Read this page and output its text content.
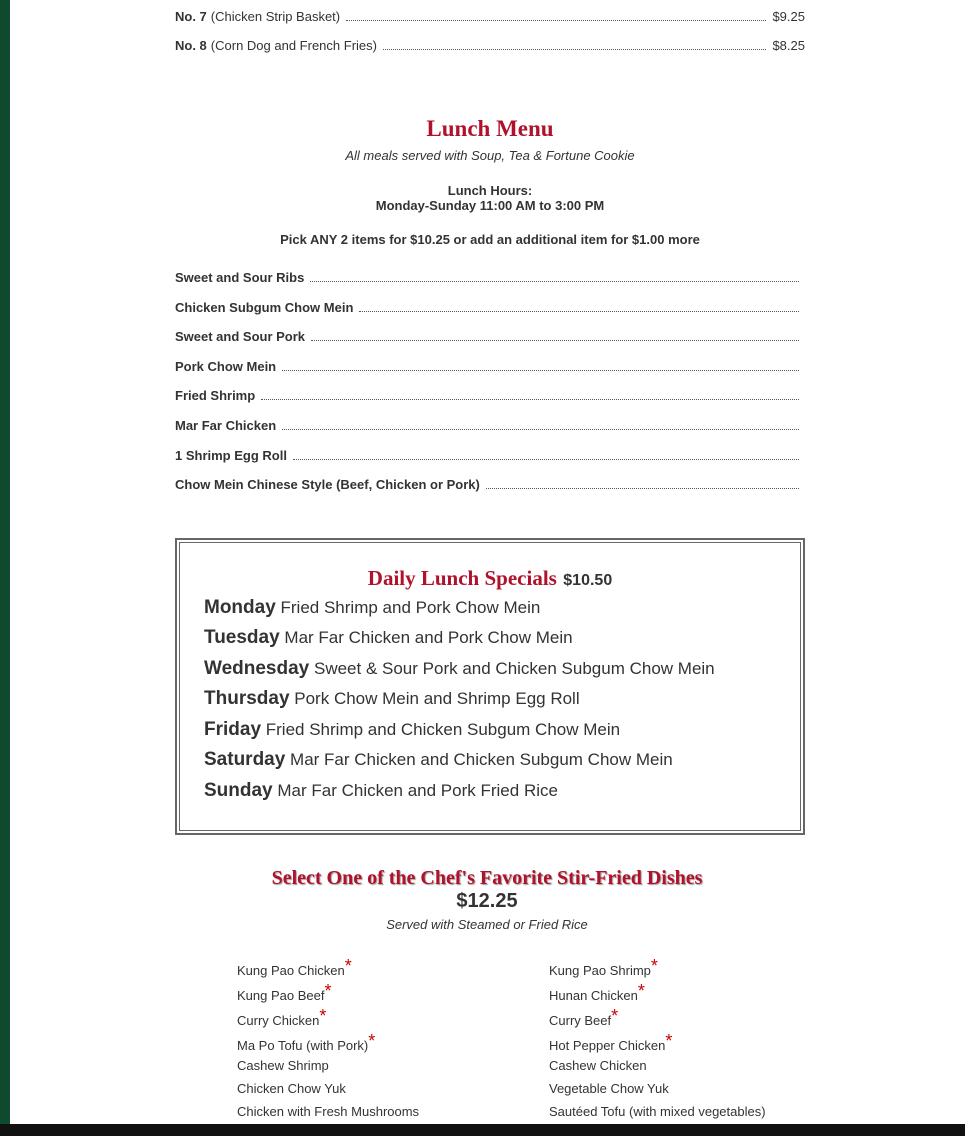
No. 7 (Chicken Strip Basket)	$9.25
No. 8 (Corn Dog and French Fries)	$8.25
Lunch Menu
All meals served with Soup, Tea & Fortune Cookie
Lunch Hours:
Monday-Sunday 11:00 AM to 3:00 PM
Pick ANY 2 items for $10.25 or add an additional item for $1.00 more
Sweet and Sour Ribs
Chicken Subgum Chow Mein
Sweet and Sour Pork
Pork Chow Mein
Fried Shrimp
Mar Far Chicken
1 Shrimp Egg Roll
Chow Mein Chinese Style (Beef, Chicken or Pork)
Daily Lunch Specials $10.50
Monday Fried Shrimp and Pork Chow Mein
Tuesday Mar Far Chicken and Pork Chow Mein
Wednesday Sweet & Sour Pork and Chicken Subgum Chow Mein
Thursday Pork Chow Mein and Shrimp Egg Roll
Friday Fried Shrimp and Chicken Subgum Chow Mein
Saturday Mar Far Chicken and Chicken Subgum Chow Mein
Sunday Mar Far Chicken and Pork Fried Rice
Select One of the Chef's Favorite Stir-Fried Dishes
$12.25
Served with Steamed or Fried Rice
Kung Pao Chicken*
Kung Pao Beef*
Curry Chicken*
Ma Po Tofu (with Pork)*
Cashew Shrimp
Chicken Chow Yuk
Chicken with Fresh Mushrooms
Kung Pao Shrimp*
Hunan Chicken*
Curry Beef*
Hot Pepper Chicken*
Cashew Chicken
Vegetable Chow Yuk
Sautéed Tofu (with mixed vegetables)
